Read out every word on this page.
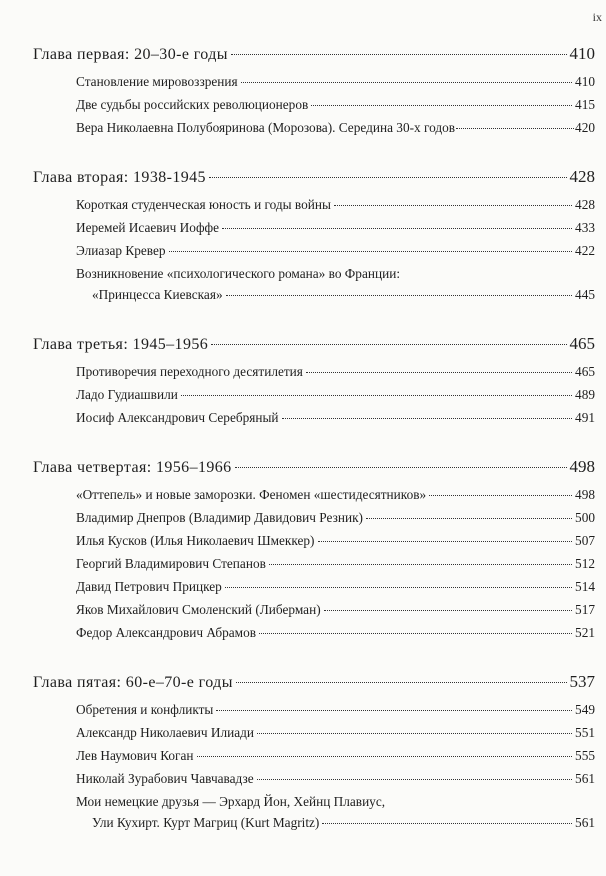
ix
Глава первая: 20–30-е годы	410
Становление мировоззрения	410
Две судьбы российских революционеров	415
Вера Николаевна Полубояринова (Морозова). Середина 30-х годов	420
Глава вторая: 1938-1945	428
Короткая студенческая юность и годы войны	428
Иеремей Исаевич Иоффе	433
Элиазар Кревер	422
Возникновение «психологического романа» во Франции:
«Принцесса Киевская»	445
Глава третья: 1945–1956	465
Противоречия переходного десятилетия	465
Ладо Гудиашвили	489
Иосиф Александрович Серебряный	491
Глава четвертая: 1956–1966	498
«Оттепель» и новые заморозки. Феномен «шестидесятников»	498
Владимир Днепров (Владимир Давидович Резник)	500
Илья Кусков (Илья Николаевич Шмеккер)	507
Георгий Владимирович Степанов	512
Давид Петрович Прицкер	514
Яков Михайлович Смоленский (Либерман)	517
Федор Александрович Абрамов	521
Глава пятая: 60-е–70-е годы	537
Обретения и конфликты	549
Александр Николаевич Илиади	551
Лев Наумович Коган	555
Николай Зурабович Чавчавадзе	561
Мои немецкие друзья — Эрхард Йон, Хейнц Плавиус,
Ули Кухирт. Курт Магриц (Kurt Magritz)	561
